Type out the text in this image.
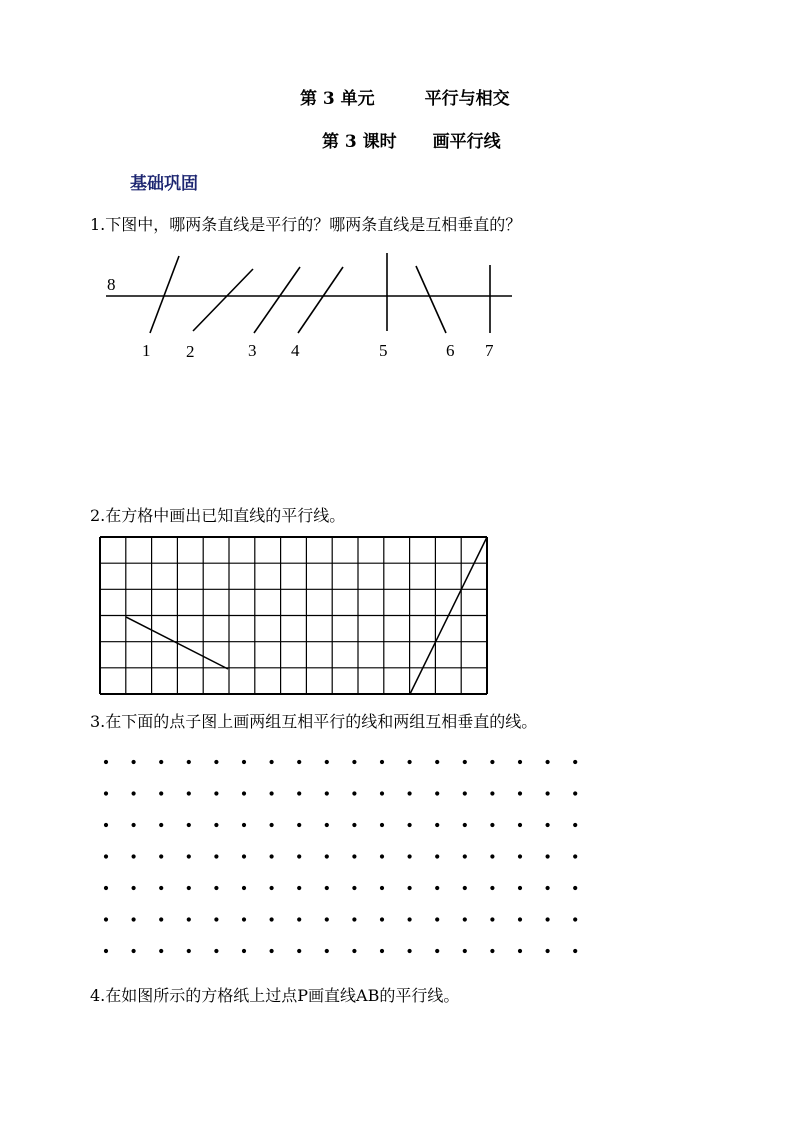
第 3 单元	平行与相交
第 3 课时 画平行线
基础巩固
1.下图中，哪两条直线是平行的？哪两条直线是互相垂直的？
8
1 2	3 4	5	6 7
2.在方格中画出已知直线的平行线。
3.在下面的点子图上画两组互相平行的线和两组互相垂直的线。
4.在如图所示的方格纸上过点P画直线AB的平行线。
